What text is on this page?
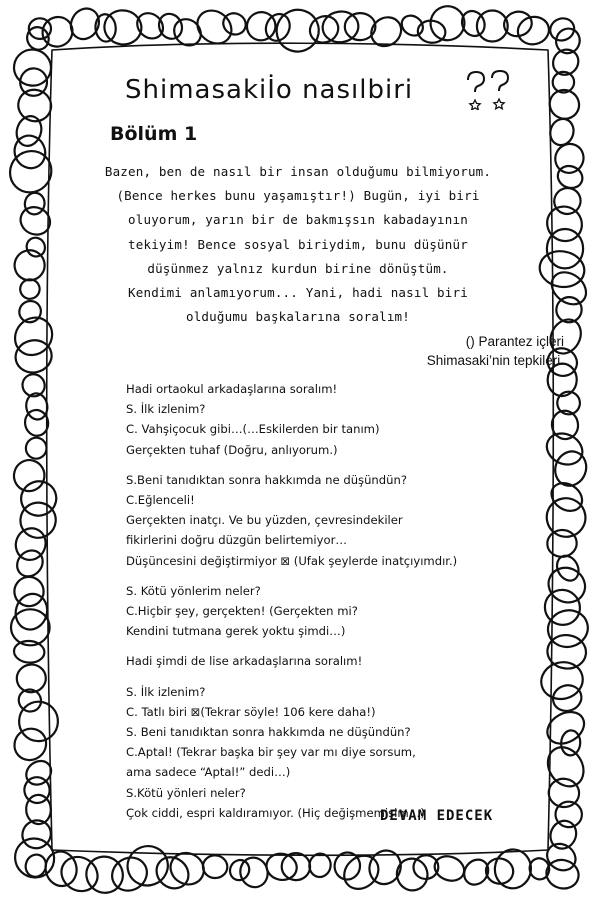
Shimasakiİo nasılbiri
Bölüm 1
Bazen, ben de nasıl bir insan olduğumu bilmiyorum.
(Bence herkes bunu yaşamıştır!) Bugün, iyi biri
oluyorum, yarın bir de bakmışsın kabadayının
tekiyim! Bence sosyal biriydim, bunu düşünür
düşünmez yalnız kurdun birine dönüştüm.
Kendimi anlamıyorum... Yani, hadi nasıl biri
olduğumu başkalarına soralım!
() Parantez içleri
Shimasaki’nin tepkileri.
Hadi ortaokul arkadaşlarına soralım!
S. İlk izlenim?
C. Vahşiçocuk gibi…(…Eskilerden bir tanım)
Gerçekten tuhaf (Doğru, anlıyorum.)
S.Beni tanıdıktan sonra hakkımda ne düşündün?
C.Eğlenceli!
Gerçekten inatçı. Ve bu yüzden, çevresindekiler
fikirlerini doğru düzgün belirtemiyor…
Düşüncesini değiştirmiyor ⊠ (Ufak şeylerde inatçıyımdır.)
S. Kötü yönlerim neler?
C.Hiçbir şey, gerçekten! (Gerçekten mi?
Kendini tutmana gerek yoktu şimdi…)
Hadi şimdi de lise arkadaşlarına soralım!
S. İlk izlenim?
C. Tatlı biri ⊠(Tekrar söyle! 106 kere daha!)
S. Beni tanıdıktan sonra hakkımda ne düşündün?
C.Aptal! (Tekrar başka bir şey var mı diye sorsum,
ama sadece “Aptal!” dedi…)
S.Kötü yönleri neler?
Çok ciddi, espri kaldıramıyor. (Hiç değişmemişim…)
DEVAM EDECEK
